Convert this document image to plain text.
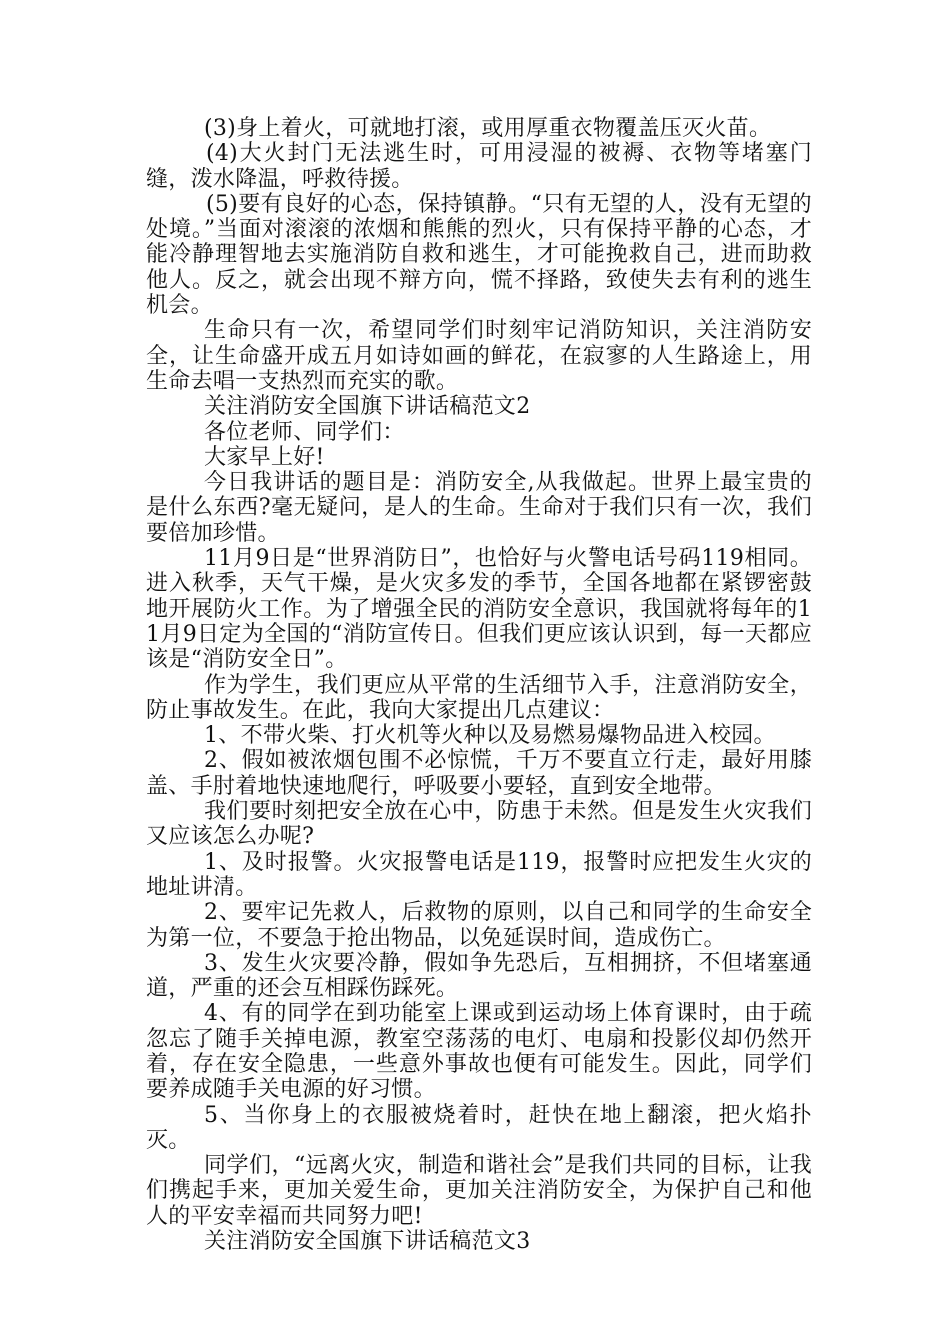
(3)身上着火，可就地打滚，或用厚重衣物覆盖压灭火苗。

(4)大火封门无法逃生时，可用浸湿的被褥、衣物等堵塞门缝，泼水降温，呼救待援。

(5)要有良好的心态，保持镇静。“只有无望的人，没有无望的处境。”当面对滚滚的浓烟和熊熊的烈火，只有保持平静的心态，才能冷静理智地去实施消防自救和逃生，才可能挽救自己，进而助救他人。反之，就会出现不辩方向，慌不择路，致使失去有利的逃生机会。

生命只有一次，希望同学们时刻牢记消防知识，关注消防安全，让生命盛开成五月如诗如画的鲜花，在寂寥的人生路途上，用生命去唱一支热烈而充实的歌。

关注消防安全国旗下讲话稿范文2

各位老师、同学们：

大家早上好!

今日我讲话的题目是：消防安全,从我做起。世界上最宝贵的是什么东西?毫无疑问，是人的生命。生命对于我们只有一次，我们要倍加珍惜。

11月9日是“世界消防日”，也恰好与火警电话号码119相同。进入秋季，天气干燥，是火灾多发的季节，全国各地都在紧锣密鼓地开展防火工作。为了增强全民的消防安全意识，我国就将每年的11月9日定为全国的“消防宣传日。但我们更应该认识到，每一天都应该是“消防安全日”。

作为学生，我们更应从平常的生活细节入手，注意消防安全，防止事故发生。在此，我向大家提出几点建议：

1、不带火柴、打火机等火种以及易燃易爆物品进入校园。

2、假如被浓烟包围不必惊慌，千万不要直立行走，最好用膝盖、手肘着地快速地爬行，呼吸要小要轻，直到安全地带。

我们要时刻把安全放在心中，防患于未然。但是发生火灾我们又应该怎么办呢?

1、及时报警。火灾报警电话是119，报警时应把发生火灾的地址讲清。

2、要牢记先救人，后救物的原则，以自己和同学的生命安全为第一位，不要急于抢出物品，以免延误时间，造成伤亡。

3、发生火灾要冷静，假如争先恐后，互相拥挤，不但堵塞通道，严重的还会互相踩伤踩死。

4、有的同学在到功能室上课或到运动场上体育课时，由于疏忽忘了随手关掉电源，教室空荡荡的电灯、电扇和投影仪却仍然开着，存在安全隐患，一些意外事故也便有可能发生。因此，同学们要养成随手关电源的好习惯。

5、当你身上的衣服被烧着时，赶快在地上翻滚，把火焰扑灭。

同学们，“远离火灾，制造和谐社会”是我们共同的目标，让我们携起手来，更加关爱生命，更加关注消防安全，为保护自己和他人的平安幸福而共同努力吧!

关注消防安全国旗下讲话稿范文3
